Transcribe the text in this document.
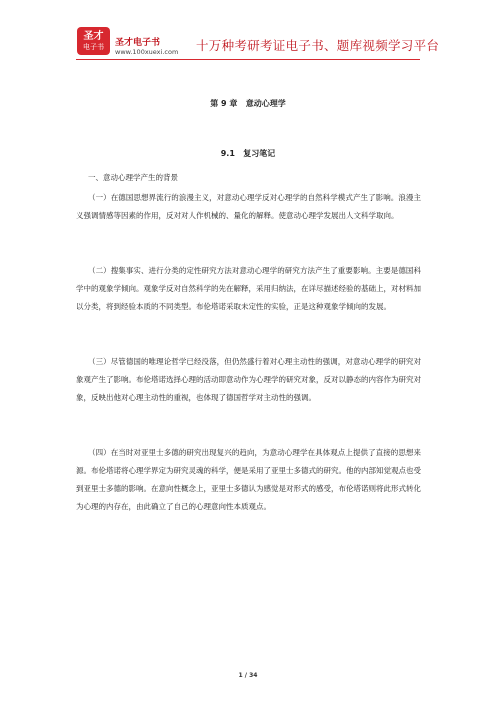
圣才
电子书 圣才电子书
www.100xuexi.com 十万种考研考证电子书、题库视频学习平台
第 9 章   意动心理学
9.1   复习笔记
一、意动心理学产生的背景

（一）在德国思想界流行的浪漫主义，对意动心理学反对心理学的自然科学模式产生了影响。浪漫主义强调情感等因素的作用，反对对人作机械的、量化的解释。使意动心理学发展出人文科学取向。

（二）搜集事实、进行分类的定性研究方法对意动心理学的研究方法产生了重要影响。主要是德国科学中的观象学倾向。观象学反对自然科学的先在解释，采用归纳法，在详尽描述经验的基础上，对材料加以分类，将到经验本质的不同类型。布伦塔诺采取未定性的实验，正是这种观象学倾向的发展。

（三）尽管德国的唯理论哲学已经没落，但仍然盛行着对心理主动性的强调，对意动心理学的研究对象观产生了影响。布伦塔诺选择心理的活动即意动作为心理学的研究对象，反对以静态的内容作为研究对象，反映出他对心理主动性的重视，也体现了德国哲学对主动性的强调。

（四）在当时对亚里士多德的研究出现复兴的趋向，为意动心理学在具体观点上提供了直接的思想来源。布伦塔诺将心理学界定为研究灵魂的科学，便是采用了亚里士多德式的研究。他的内部知觉观点也受到亚里士多德的影响。在意向性概念上，亚里士多德认为感觉是对形式的感受，布伦塔诺则将此形式转化为心理的内存在，由此确立了自己的心理意向性本质观点。

1 / 34
